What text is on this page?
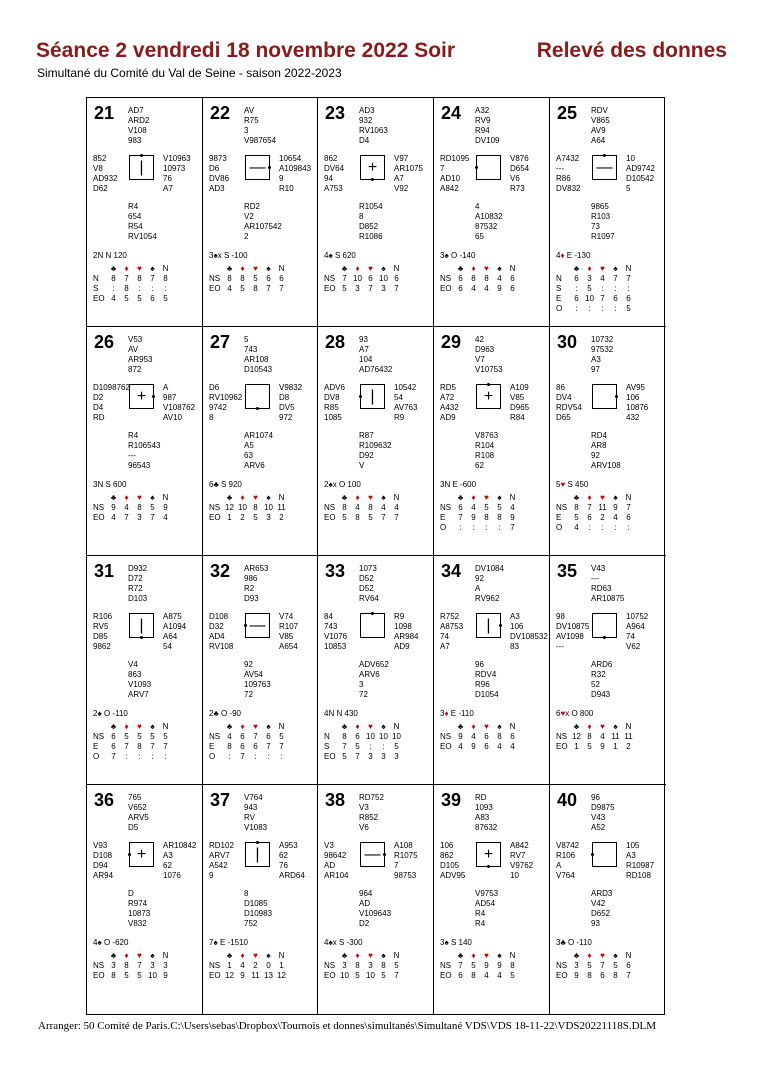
Séance 2 vendredi 18 novembre 2022 Soir	Relevé des donnes
Simultané du Comité du Val de Seine - saison 2022-2023
21 AD7
ARD2
V108
983
852
V8
AD932
D62
V10963
10973
76
A7
R4
654
R54
RV1054
|
2N N 120
♣	♦	♥	♠ N
N	8	7	8	7	8
S	:	8	:	:	:
EO 4	5	5	6	5
22 AV
R75
3
V987654
9873
D6
DV86
AD3
10654
A109843
9
R10
RD2
V2
AR107542
2
—
3♠x S -100
♣	♦	♥	♠ N
NS 8	8	5	6	6
EO 4	5	8	7	7
23 AD3
932
RV1063
D4
862
DV64
94
A753
V97
AR1075
A7
V92
R1054
8
D852
R1086
+
4♠ S 620
♣	♦	♥	♠ N
NS 7 10 6 10 6
EO 5	3	7	3	7
24 A32
RV9
R94
DV109
RD1095
7
AD10
A842
V876
D654
V6
R73
4
A10832
87532
65
3♠ O -140
♣	♦	♥	♠ N
NS 6	8	8	4	6
EO 6	4	4	9	6
25 RDV
V865
AV9
A64
A7432
---
R86
DV832
10
AD9742
D10542
5
9865
R103
73
R1097
—
4♦ E -130
♣	♦	♥	♠ N
N	6	3	4	7	7
S	:	5	:	:	:
E	6 10 7	6	6
O	:	:	:	:	5
26 V53
AV
AR953
872
D1098762
D2
D4
RD
A
987
V108762
AV10
R4
R106543
---
96543
+
3N S 600
♣	♦	♥	♠ N
NS 9	4	8	5	9
EO 4	7	3	7	4
27 5
743
AR108
D10543
D6
RV10962
9742
8
V9832
D8
DV5
972
AR1074
A5
63
ARV6
6♣ S 920
♣	♦	♥	♠ N
NS 12 10 8 10 11
EO 1	2	5	3	2
28 93
A7
104
AD76432
ADV6
DV8
R85
1085
10542
54
AV763
R9
R87
R109632
D92
V
|
2♠x O 100
♣	♦	♥	♠ N
NS 8	4	8	4	4
EO 5	8	5	7	7
29 42
D963
V7
V10753
RD5
A72
A432
AD9
A109
V85
D965
R84
V8763
R104
R108
62
+
3N E -600
♣	♦	♥	♠ N
NS 6	4	5	5	4
E	7	9	8	8	9
O	:	:	:	:	7
30 10732
97532
A3
97
86
DV4
RDV54
D65
AV95
106
10876
432
RD4
AR8
92
ARV108
5♥ S 450
♣	♦	♥	♠ N
NS 8	7 11 9	7
E	5	6	2	4	6
O	4	:	:	:	:
31 D932
D72
R72
D103
R106
RV5
D85
9862
A875
A1094
A64
54
V4
863
V1093
ARV7
|
2♠ O -110
♣	♦	♥	♠ N
NS 6	5	5	5	5
E	6	7	8	7	7
O	7	:	:	:	:
32 AR653
986
R2
D93
D108
D32
AD4
RV108
V74
R107
V85
A654
92
AV54
109763
72
—
2♣ O -90
♣	♦	♥	♠ N
NS 4	6	7	6	5
E	8	6	6	7	7
O	:	7	:	:	:
33 1073
D52
D52
RV64
84
743
V1076
10853
R9
1098
AR984
AD9
ADV652
ARV6
3
72
4N N 430
♣	♦	♥	♠ N
N	8	6 10 10 10
S	7	5	:	:	5
EO 5	7	3	3	3
34 DV1084
92
A
RV962
R752
A8753
74
A7
A3
106
DV108532
83
96
RDV4
R96
D1054
|
3♦ E -110
♣	♦	♥	♠ N
NS 9	4	6	8	6
EO 4	9	6	4	4
35 V43
---
RD63
AR10875
98
DV10875
AV1098
---
10752
A964
74
V62
ARD6
R32
52
D943
6♥x O 800
♣	♦	♥	♠ N
NS 12 8	4 11 11
EO 1	5	9	1	2
36 765
V652
ARV5
D5
V93
D108
D94
AR94
AR10842
A3
62
1076
D
R974
10873
V832
+
4♠ O -620
♣	♦	♥	♠ N
NS 3	8	7	3	3
EO 8	5	5 10 9
37 V764
943
RV
V1083
RD102
ARV7
A542
9
A953
62
76
ARD64
8
D1085
D10983
752
|
7♠ E -1510
♣	♦	♥	♠ N
NS 1	4	2	0	1
EO 12 9 11 13 12
38 RD752
V3
R852
V6
V3
98642
AD
AR104
A108
R1075
7
98753
964
AD
V109643
D2
—
4♠x S -300
♣	♦	♥	♠ N
NS 3	8	3	8	5
EO 10 5 10 5	7
39 RD
1093
A83
87632
106
862
D105
ADV95
A842
RV7
V9762
10
V9753
AD54
R4
R4
+
3♠ S 140
♣	♦	♥	♠ N
NS 7	5	9	9	8
EO 6	8	4	4	5
40 96
D9875
V43
A52
V8742
R106
A
V764
105
A3
R10987
RD108
ARD3
V42
D652
93
3♣ O -110
♣	♦	♥	♠ N
NS 3	5	7	5	6
EO 9	8	6	8	7
Arranger: 50 Comité de Paris.C:\Users\sebas\Dropbox\Tournois et donnes\simultanés\Simultané VDS\VDS 18-11-22\VDS20221118S.DLM
